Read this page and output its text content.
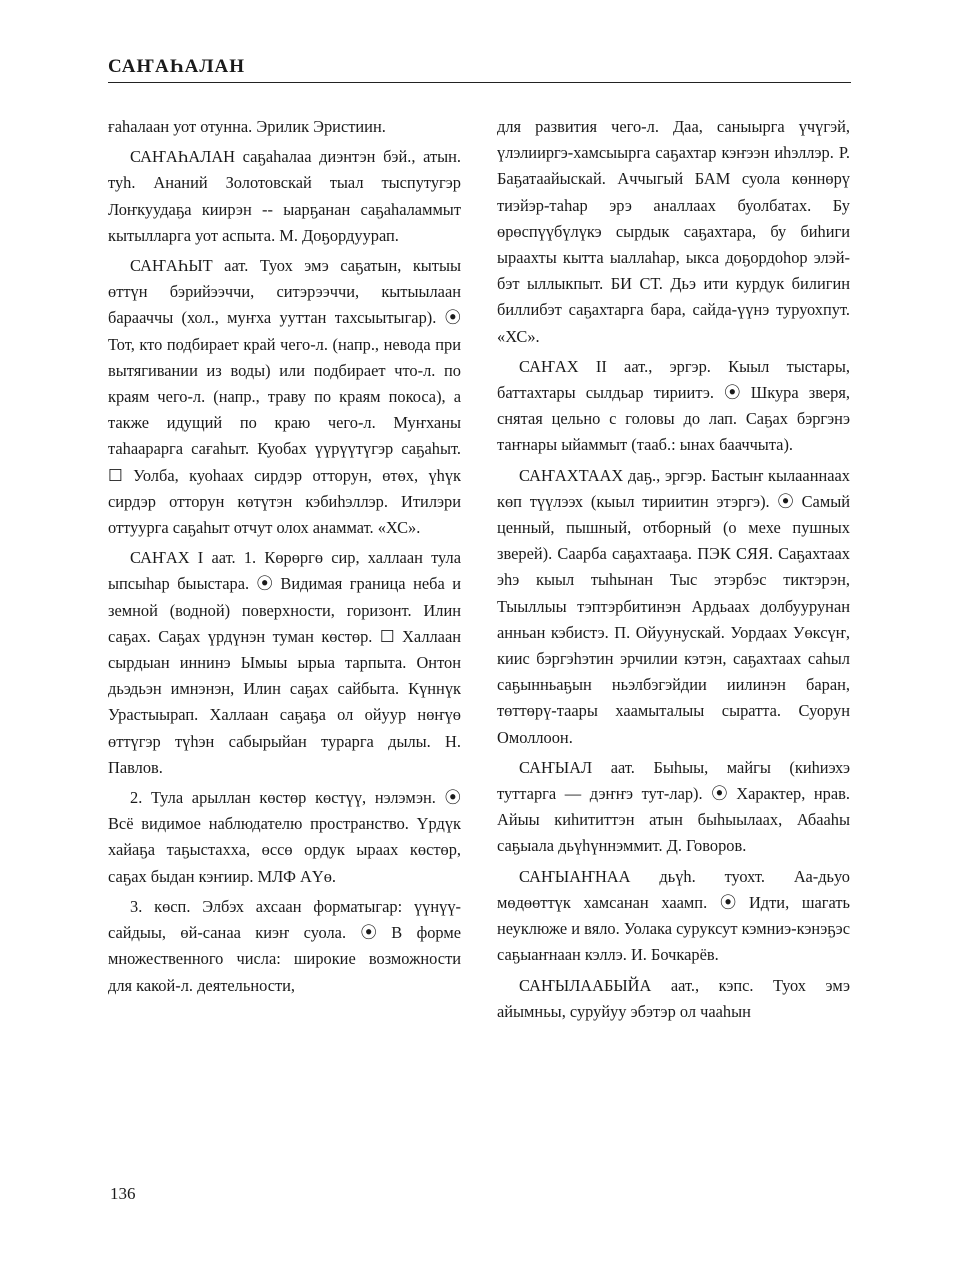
САҤАҺАЛАН

ғаһалаан уот отунна. Эрилик Эристиин.

САҤАҺАЛАН саҕаһалаа диэнтэн бэй., атын. туһ. Ананий Золотовскай тыал тыспутугэр Лоҥкуудаҕа киирэн -- ыарҕанан саҕаһаламмыт кытылларга уот аспыта. М. Доҕордуурап.

САҤАҺЫТ аат. Туох эмэ саҕатын, кытыы өттүн бэрийээччи, ситэрээччи, кытыылаан барааччы (хол., муҥха ууттан тахсыытыгар). ⦿ Тот, кто подбирает край чего-л. (напр., невода при вытягивании из воды) или подбирает что-л. по краям чего-л. (напр., траву по краям покоса), а также идущий по краю чего-л. Муҥханы таһаарарга сағаһыт. Куобах үүрүүтүгэр саҕаһыт. ☐ Уолба, куоһаах сирдэр отторун, өтөх, үһүк сирдэр отторун көтүтэн кэбиһэллэр. Итилэри оттуурга саҕаһыт отчут олох анаммат. «ХС».

САҤАХ I аат. 1. Көрөргө сир, халлаан тула ыпсыһар быыстара. ⦿ Видимая граница неба и земной (водной) поверхности, горизонт. Илин саҕах. Саҕах үрдүнэн туман көстөр. ☐ Халлаан сырдыан иннинэ Ымыы ырыа тарпыта. Онтон дьэдьэн имнэнэн, Илин саҕах сайбыта. Күннүк Урастыырап. Халлаан саҕаҕа ол ойуур нөҥүө өттүгэр түһэн сабырыйан турарга дылы. Н. Павлов.

2. Тула арыллан көстөр көстүү, нэлэмэн. ⦿ Всё видимое наблюдателю пространство. Үрдүк хайаҕа таҕыстахха, өссө ордук ыраах көстөр, саҕах быдан кэҥиир. МЛФ АҮө.

3. көсп. Элбэх ахсаан форматыгар: үүнүү-сайдыы, өй-санаа киэҥ суола. ⦿ В форме множественного числа: широкие возможности для какой-л. деятельности,

для развития чего-л. Даа, саныырга үчүгэй, үлэлииргэ-хамсыырга саҕахтар кэҥээн иһэллэр. Р. Баҕатаайыскай. Аччыгый БАМ суола көннөрү тиэйэр-таһар эрэ аналлаах буолбатах. Бу өрөспүүбүлүкэ сырдык саҕахтара, бу биһиги ыраахты кытта ыаллаһар, ыкса доҕордоһор элэйбэт ыллыкпыт. БИ СТ. Дьэ ити курдук билигин биллибэт саҕахтарга бара, сайда-үүнэ туруохпут. «ХС».

САҤАХ II аат., эргэр. Кыыл тыстары, баттахтары сылдьар тириитэ. ⦿ Шкура зверя, снятая цельно с головы до лап. Саҕах бэргэнэ таҥнары ыйаммыт (тааб.: ынах бааччыта).

САҤАХТААХ даҕ., эргэр. Бастыҥ кылааннаах көп түүлээх (кыыл тириитин этэргэ). ⦿ Самый ценный, пышный, отборный (о мехе пушных зверей). Саарба саҕахтааҕа. ПЭК СЯЯ. Саҕахтаах эһэ кыыл тыһынан Тыс этэрбэс тиктэрэн, Тыыллыы тэптэрбитинэн Ардьаах долбуурунан анньан кэбистэ. П. Ойуунускай. Уордаах Уөксүҥ, киис бэргэһэтин эрчилии кэтэн, саҕахтаах саһыл саҕынньаҕын ньэлбэгэйдии иилинэн баран, төттөрү-таары хаамыталыы сыратта. Суорун Омоллоон.

САҤЫАЛ аат. Быһыы, майгы (киһиэхэ туттарга — дэҥҥэ тут-лар). ⦿ Характер, нрав. Айыы киһититтэн атын быһыылаах, Абааһы саҕыала дьүһүннэммит. Д. Говоров.

САҤЫАҤНАА дьүһ. туохт. Аа-дьуо мөдөөттүк хамсанан хаамп. ⦿ Идти, шагать неуклюже и вяло. Уолака суруксут кэмниэ-кэнэҕэс саҕыаҥнаан кэллэ. И. Бочкарёв.

САҤЫЛААБЫЙА аат., кэпс. Туох эмэ айымньы, суруйуу эбэтэр ол чааһын

136
